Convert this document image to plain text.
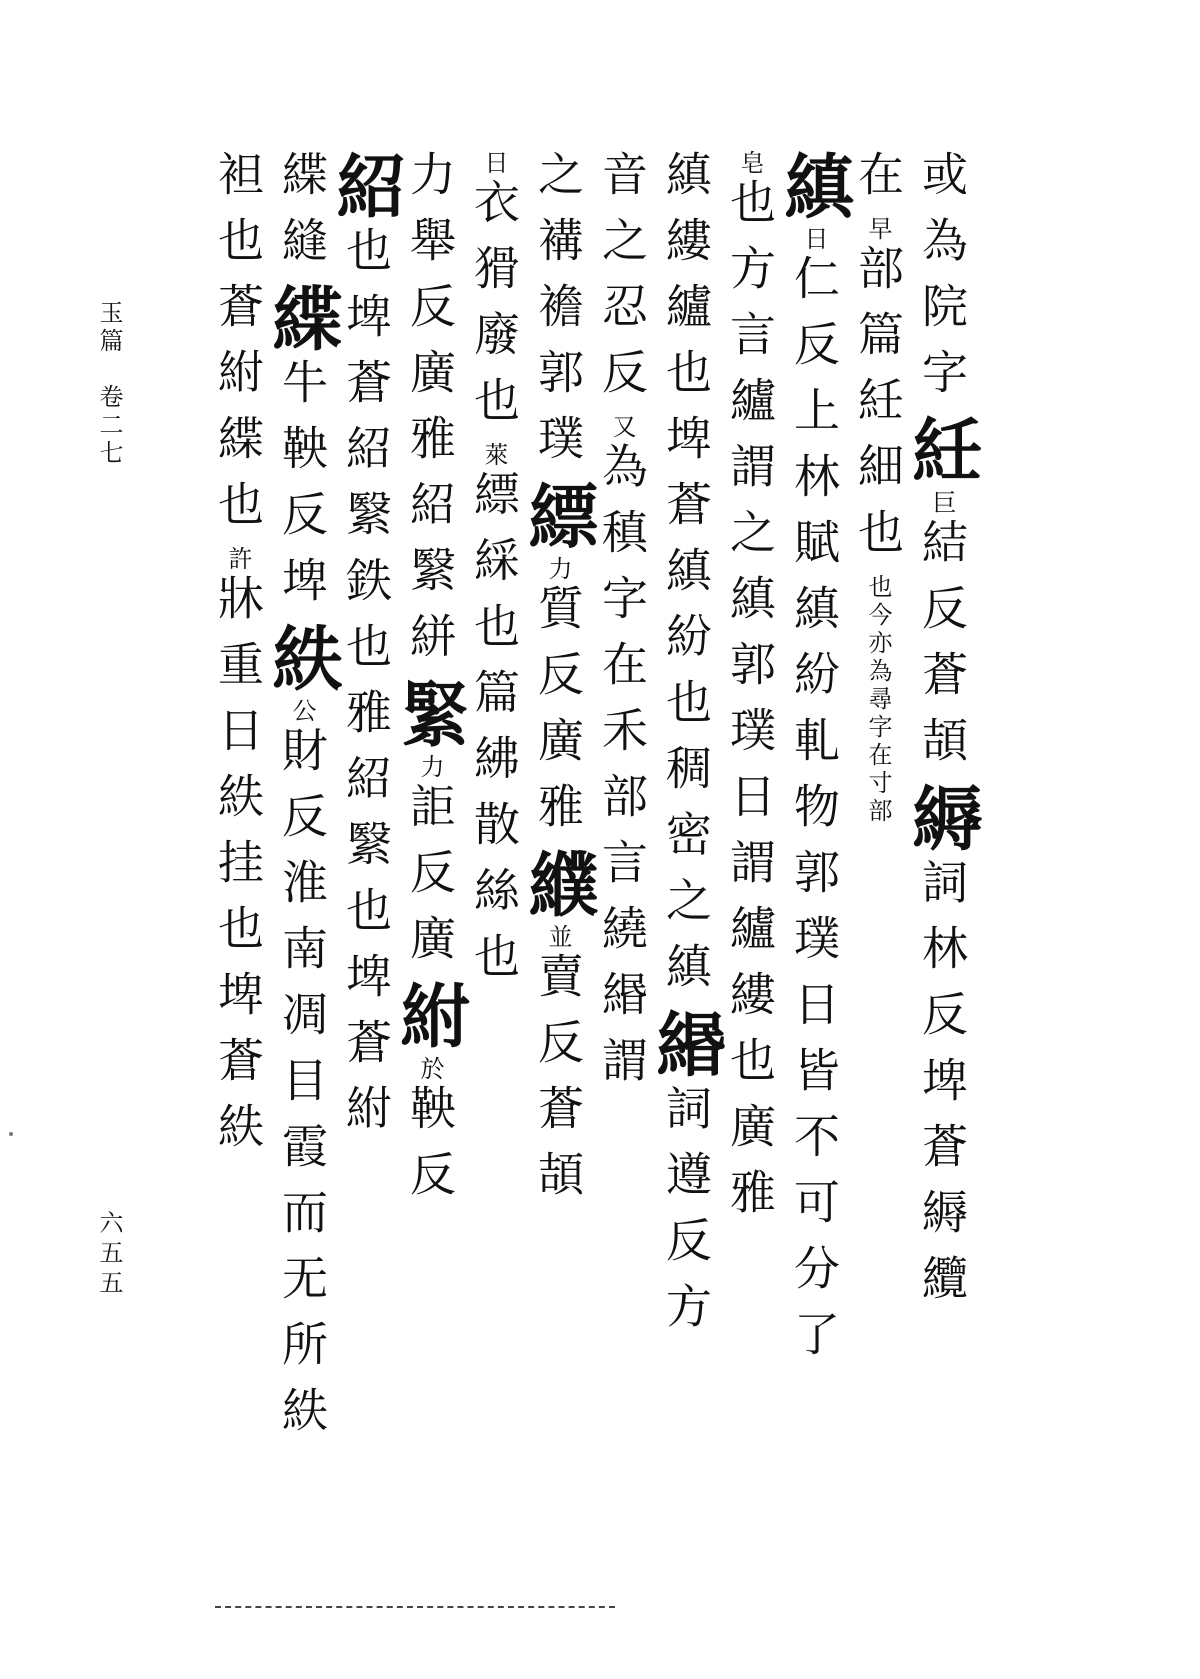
玉篇　卷二七
六五五
或為院字紝巨結反蒼頡縟詞林反埤蒼縟纜
在早部篇紝細也也今亦為尋字在寸部
縝日仁反上林賦縝紛軋物郭璞日皆不可分了
皂也方言纑謂之縝郭璞日謂纑縷也廣雅
縝縷纑也埤蒼縝紛也稠密之縝緡詞遵反方
音之忍反又為稹字在禾部言繞緡謂
之褠襜郭璞縹力質反廣雅纀並賣反蒼頡
日衣猾廢也萊縹綵也篇紼散絲也
力舉反廣雅紹繄絣緊力詎反廣紨於鞅反
紹也埤蒼紹繄鉄也雅紹繄也埤蒼紨
緤縫緤牛鞅反埤紩公財反淮南凋目霞而无所紩
袒也蒼紨緤也許牀重日紩挂也埤蒼紩
